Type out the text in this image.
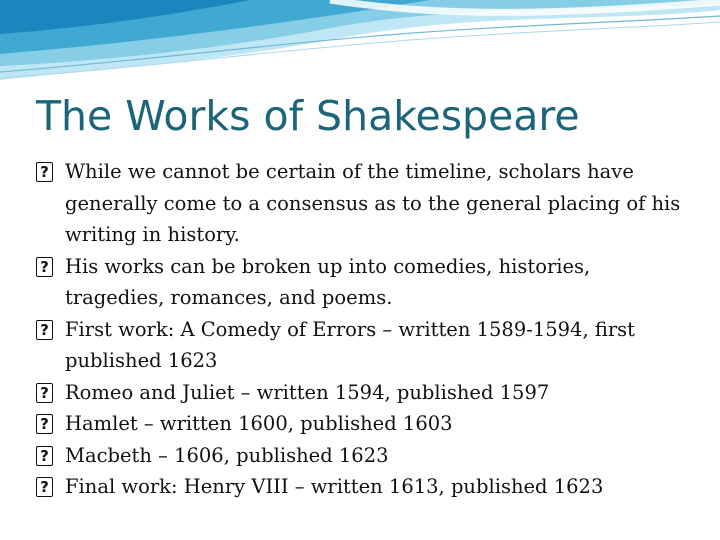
The Works of Shakespeare
? While we cannot be certain of the timeline, scholars have generally come to a consensus as to the general placing of his writing in history.
? His works can be broken up into comedies, histories, tragedies, romances, and poems.
? First work: A Comedy of Errors – written 1589-1594, first published 1623
? Romeo and Juliet – written 1594, published 1597
? Hamlet – written 1600, published 1603
? Macbeth – 1606, published 1623
? Final work: Henry VIII – written 1613, published 1623
